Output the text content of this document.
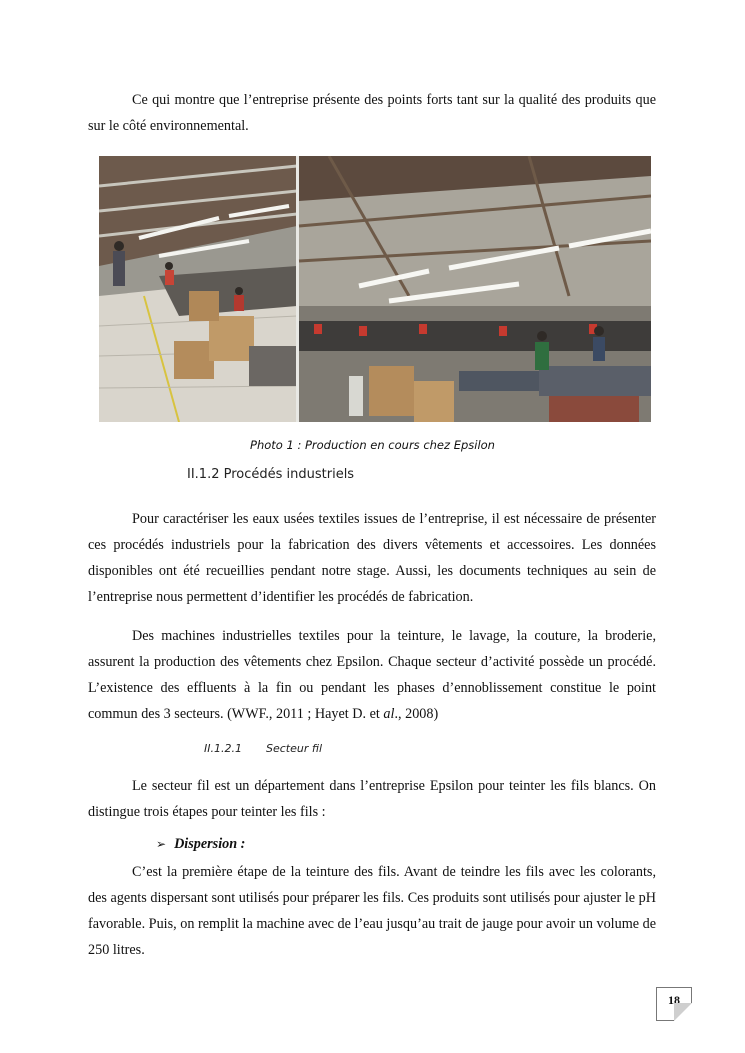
Ce qui montre que l’entreprise présente des points forts tant sur la qualité des produits que sur le côté environnemental.

Photo 1 : Production en cours chez Epsilon
II.1.2 Procédés industriels

Pour caractériser les eaux usées textiles issues de l’entreprise, il est nécessaire de présenter ces procédés industriels pour la fabrication des divers vêtements et accessoires. Les données disponibles ont été recueillies pendant notre stage. Aussi, les documents techniques au sein de l’entreprise nous permettent d’identifier les procédés de fabrication.

Des machines industrielles textiles pour la teinture, le lavage, la couture, la broderie, assurent la production des vêtements chez Epsilon. Chaque secteur d’activité possède un procédé. L’existence des effluents à la fin ou pendant les phases d’ennoblissement constitue le point commun des 3 secteurs. (WWF., 2011 ; Hayet D. et al., 2008)

II.1.2.1 Secteur fil

Le secteur fil est un département dans l’entreprise Epsilon pour teinter les fils blancs. On distingue trois étapes pour teinter les fils :

➢ Dispersion :

C’est la première étape de la teinture des fils. Avant de teindre les fils avec les colorants, des agents dispersant sont utilisés pour préparer les fils. Ces produits sont utilisés pour ajuster le pH favorable. Puis, on remplit la machine avec de l’eau jusqu’au trait de jauge pour avoir un volume de 250 litres.

18
